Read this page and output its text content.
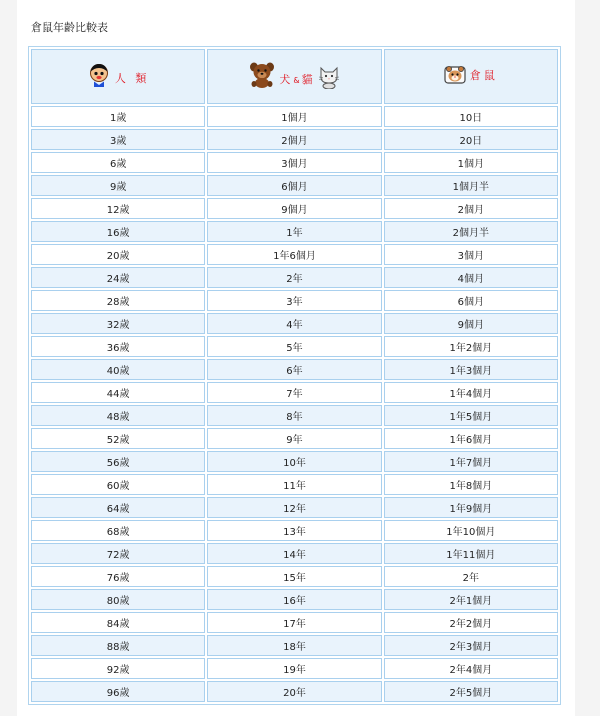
倉鼠年齡比較表
人 類	犬 & 貓	倉鼠

1歲	1個月	10日
3歲	2個月	20日
6歲	3個月	1個月
9歲	6個月	1個月半
12歲	9個月	2個月
16歲	1年	2個月半
20歲	1年6個月	3個月
24歲	2年	4個月
28歲	3年	6個月
32歲	4年	9個月
36歲	5年	1年2個月
40歲	6年	1年3個月
44歲	7年	1年4個月
48歲	8年	1年5個月
52歲	9年	1年6個月
56歲	10年	1年7個月
60歲	11年	1年8個月
64歲	12年	1年9個月
68歲	13年	1年10個月
72歲	14年	1年11個月
76歲	15年	2年
80歲	16年	2年1個月
84歲	17年	2年2個月
88歲	18年	2年3個月
92歲	19年	2年4個月
96歲	20年	2年5個月
